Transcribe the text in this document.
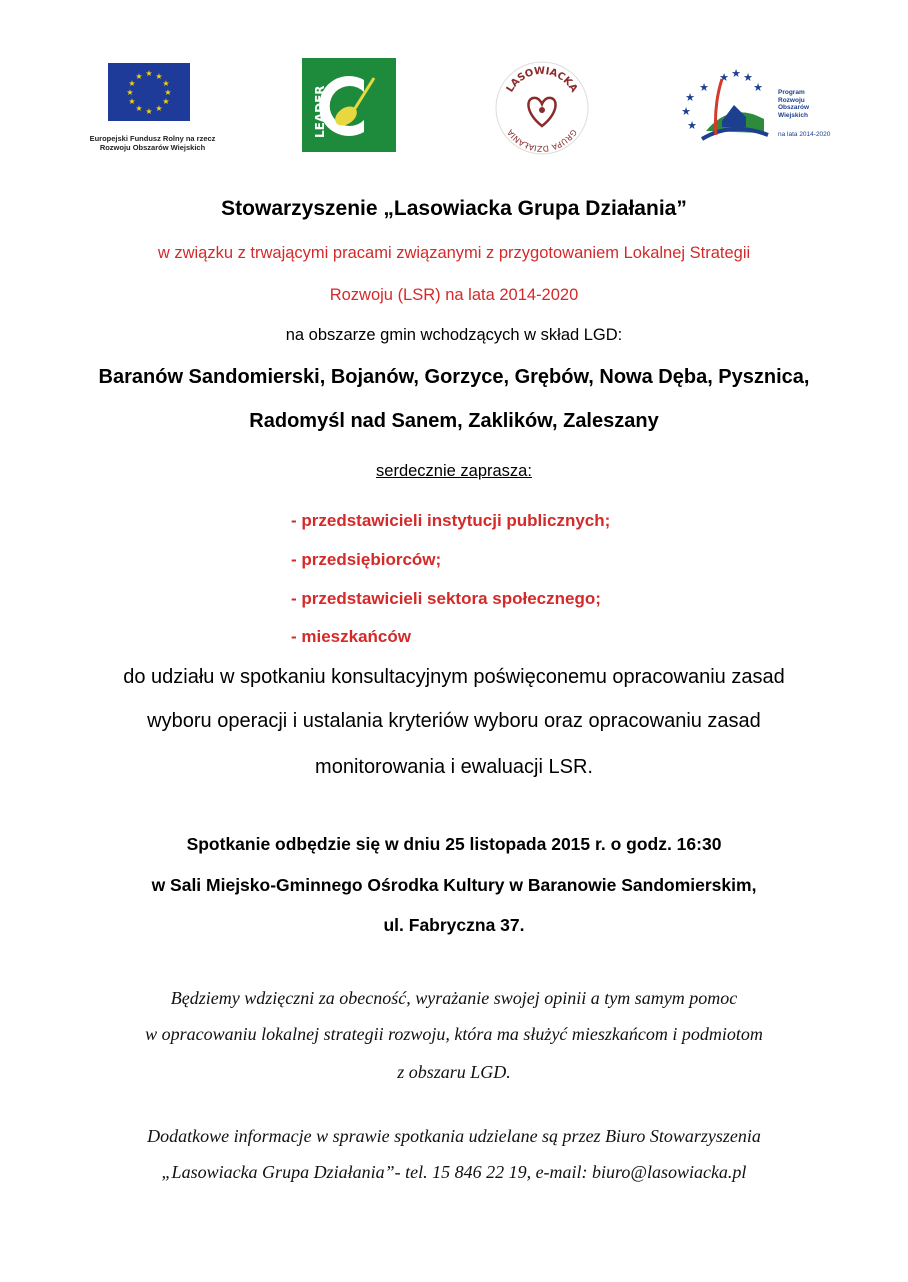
★ ★
★
★
★
★
★
★
★
★
★
★
Europejski Fundusz Rolny na rzecz
Rozwoju Obszarów Wiejskich
LEADER	LASOWIACKA
GRUPA DZIAŁANIA
★ ★ ★
★
★
★
★
★	Program
Rozwoju
Obszarów
Wiejskich
na lata 2014-2020
Stowarzyszenie „Lasowiacka Grupa Działania”
w związku z trwającymi pracami związanymi z przygotowaniem Lokalnej Strategii
Rozwoju (LSR) na lata 2014-2020
na obszarze gmin wchodzących w skład LGD:
Baranów Sandomierski, Bojanów, Gorzyce, Grębów, Nowa Dęba, Pysznica,
Radomyśl nad Sanem, Zaklików, Zaleszany
serdecznie zaprasza:
- przedstawicieli instytucji publicznych;
- przedsiębiorców;
- przedstawicieli sektora społecznego;
- mieszkańców
do udziału w spotkaniu konsultacyjnym poświęconemu opracowaniu zasad
wyboru operacji i ustalania kryteriów wyboru oraz opracowaniu zasad
monitorowania i ewaluacji LSR.
Spotkanie odbędzie się w dniu 25 listopada 2015 r. o godz. 16:30
w Sali Miejsko-Gminnego Ośrodka Kultury w Baranowie Sandomierskim,
ul. Fabryczna 37.
Będziemy wdzięczni za obecność, wyrażanie swojej opinii a tym samym pomoc
w opracowaniu lokalnej strategii rozwoju, która ma służyć mieszkańcom i podmiotom
z obszaru LGD.
Dodatkowe informacje w sprawie spotkania udzielane są przez Biuro Stowarzyszenia
„Lasowiacka Grupa Działania”- tel. 15 846 22 19, e-mail: biuro@lasowiacka.pl
